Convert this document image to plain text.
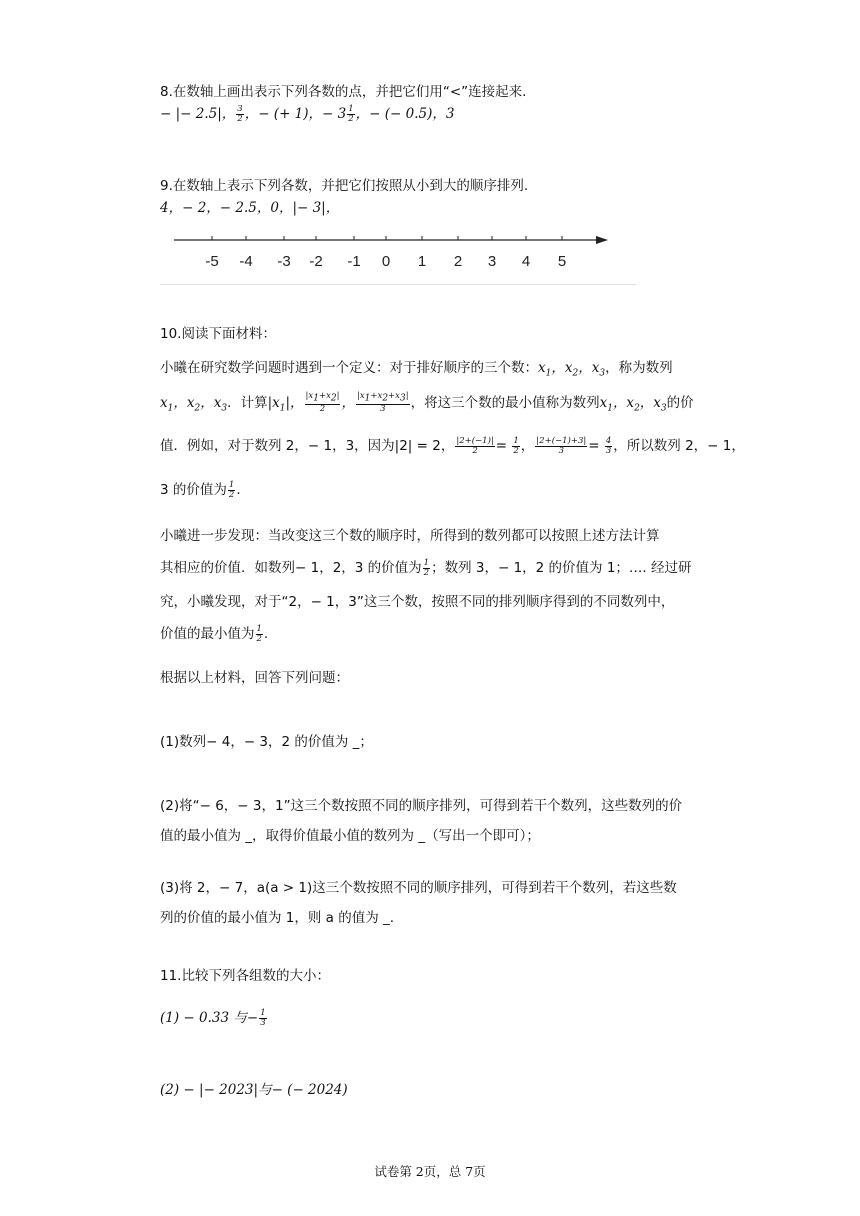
8.在数轴上画出表示下列各数的点，并把它们用“<”连接起来.
− |− 2.5|， $\frac{3}{2}$ ，− (+ 1)，− $3 \frac{1}{2}$ ，− (− 0.5)，3
9.在数轴上表示下列各数，并把它们按照从小到大的顺序排列.
4，− 2，− 2.5，0，|− 3|，
-5 -4 -3 -2 -1 0 1 2 3 4 5
10.阅读下面材料：
小曦在研究数学问题时遇到一个定义：对于排好顺序的三个数：$x_1$，$x_2$，$x_3$，称为数列
$x_1$，$x_2$，$x_3$．计算$|x_1|$， $\frac{|x_1+x_2|}{2}$ ， $\frac{|x_1+x_2+x_3|}{3}$ ，将这三个数的最小值称为数列$x_1$，$x_2$，$x_3$的价
值．例如，对于数列 2，− 1，3，因为|2| = 2， $\frac{|2+(-1)|}{2} = \frac{1}{2}$ ， $\frac{|2+(-1)+3|}{3} = \frac{4}{3}$ ，所以数列 2，− 1，
3 的价值为 $\frac{1}{2}$ .
小曦进一步发现：当改变这三个数的顺序时，所得到的数列都可以按照上述方法计算
其相应的价值．如数列− 1，2，3 的价值为 $\frac{1}{2}$ ；数列 3，− 1，2 的价值为 1；…. 经过研
究，小曦发现，对于“2，− 1，3”这三个数，按照不同的排列顺序得到的不同数列中，
价值的最小值为 $\frac{1}{2}$ .
根据以上材料，回答下列问题：
(1)数列− 4，− 3，2 的价值为 _；
(2)将“− 6，− 3，1”这三个数按照不同的顺序排列，可得到若干个数列，这些数列的价
值的最小值为 _，取得价值最小值的数列为 _（写出一个即可）；
(3)将 2，− 7，a(a > 1)这三个数按照不同的顺序排列，可得到若干个数列，若这些数
列的价值的最小值为 1，则 a 的值为 _.
11.比较下列各组数的大小：
(1) − 0.33 与− $\frac{1}{3}$
(2) − |− 2023|与− (− 2024)
试卷第 2页，总 7页
